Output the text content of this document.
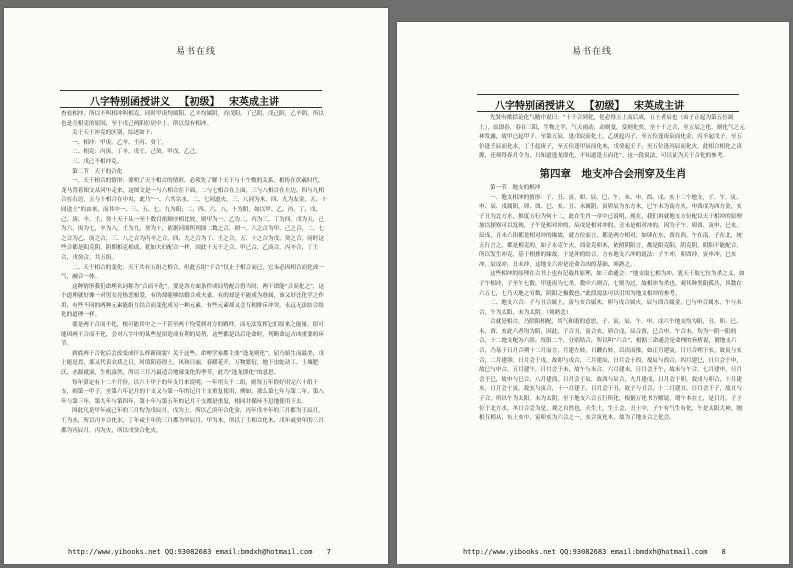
易书在线
八字特别函授讲义 【初级】 宋英成主讲

查看相冲，所以不叫相冲叫相克，同时甲庚均属阳，乙辛均属阴，丙戊阳，丁己阴，戊己阳，乙辛阴，所以也是互相克的原因，至于戊己两阳位居中土，所以没有相冲。

关于天干冲克的区别，综述如下：

一、相冲：甲庚、乙辛、壬丙、癸丁。

二、相克：丙庚、丁辛、戊壬、己癸、甲戊、乙己。

三、戊己不相冲克。

第二节　天干的合化

一、天干相合的情形：要明了天干相合的情形，必须先了解十天干与十个数的关系，相传在伏羲时代，龙马背着图文从河中走来，这图文是一与六相合在下面，二与七相合在上面，三与八相合在左边，四与九相合在右边，五与十相合在中央，此乃“一、六共宗水，二、七同道火，三、八同为木，四、九为友金，五、十同途土”的由来，而其中一、三、五、七、九为阳；二、四、六、八、十为阴，如以甲、乙、丙、丁、戊、己、庚、辛、壬、癸十天干从一至十数目依顺序相比较，则甲为一，乙为二，丙为三，丁为四，戊为五，己为六，庚为七，辛为八，壬为九，癸为十，依据河图所列图二数之合，则一、六之合为甲、己之合，二、七之合为乙、庚之合，三、八之合为丙辛之合，四、九之合为丁、壬之合，五、十之合为戊、癸之合，同时这些合都是阳克阴，阴期相克相成，犹如夫妇配合一样，因此十天干之合，甲己合，乙庚合，丙辛合，丁壬合，戊癸合，共五组。

二、天干相合的变化：天干共有五组之相合，但此五组“干合”仅止于相合而已，它未必因相合而化成一气，融合一体。

这种情形我们命理名词称为“合而不化”，要是各方面条件成局势配合得当时，两干即能“合而化之”，这个道理就好像一对男女亮热恋相爱，有的却能够结婚合成夫妻，有的却是不能成为眷属，该又好比化学之作用，有些不同的两种元素能组互结合而变化成另一种元素，有些元素却又会互相排斥冲突，永远无法结合组化的道理一样。

要是两干合而不化，根可能其中之一干甚至两干均受到对方的羁绊，而无法发挥它们原来之能量，很可能因两干合而不化，会对八字中的某些星宿造成有利的局势，这些都是以后论命时，判断命运吉凶重要的环节。

到底两干合化后会改变成什么样新面貌？关于这些，命理学家都主张“逢龙则化”，屈乃始生而最美，戊土能是焉，那又代表衣质之日，时值阳春得土，风和日丽，春暖花开，万物繁衍，地下虫蛇动工，土壤肥沃，水源就湿，生机盎然，所以三月乃最适合地球变化的季节，此乃“逢龙即化”的意思。

每年算定有十二个月份，以六十甲子的年支月来说明，一年用天干二组，则每五年恰好用完六十组干支，则第一甲子，至第六年记月的干支又与第一年的记月干支重复使用，例如，那么第七年与第二年，第八年与第三年，第九年与第四年，第十年与第五年的记月干支都是重复，相同并循环不息地使用下去。

因此凡是甲年或己年的三月均为戊辰月，戊为土，所以乙庚年合化金，丙年戊辛年的三月都为王辰月，壬为水，所以丙辛合化水，丁年或壬年的三月都为甲辰月，甲为木，所以丁壬相合化木，戊年或癸年的三月都为丙辰月，丙为火，所以戊癸合化火。

http://www.yibooks.net QQ:93082683 email:bmdxh@hotmail.com 7
易书在线
八字特别函授讲义 【初级】 宋英成主讲

先贤有歌括论化气精中说曰：“十干合到化，化必得五土而后成，五土者辰也（由子正起为第五位属土），辰即春，春在三阳，生物之半，气天雨动，动则变，变则化矣，至十干之合，至五辰之化，则化气之元神发露，故甲已起甲子，至第五辰，逢戊辰而化土，乙庚起丙子，至五位逢庚辰而化金，丙辛起戊子，至五位逢壬辰而化水，丁壬起庚子，至五位逢甲辰而化木，戊癸起壬子，至五位逢丙辰而化火，此相合相化之真源，还须得春月令为，只知道逢龙即化，不知道逢五而化”。这一段说法，可以证为天干合化的参考。

第四章　地支冲合会刑穿及生肖

第一节　地支的相冲

一、地支相冲的情形：子、丑、寅、卯、辰、巳、午、未、申、酉、戌、亥十二个地支，子、午、寅、申、辰、戌属阳，卯、酉、巳、亥、丑、未属阴，寅卯辰为东方木，巳午未为南方火，申酉戌为西方金，亥子丑为北方水，推度五行为何十二，此在生肖一章中已说明，现在，我们再就地支方位配以天干相冲的原理加以探察可以发现，子午是相对冲的，辰戌是相对冲的，丑未是相对冲的，因为子午、卯酉、寅申、巳亥、辰戌、丑未六组都是相对冲的缘故，就方位而言，都是两方相对，如卯在东，酉在西，午在南，子在北，统五行言之，都是相克的，如子水克午火，酉金克卯木，依照阴阳言，都是阳克阳，阴克阴，阴阳不能配合，所以发生冲克，基于相排的缘故，于是冲的结合，方有地支六冲的说法：子午冲，卯酉冲，寅申冲，巳亥冲，辰戌冲，丑未冲，这地支六冲是论命吉凶的基础，须熟之。

这些相冲的原理在古书上也有记载其原理，如三命通会：“地支取七相为冲，犹天干取七位为杀之义，如子午相冲，子至午七数，甲逢庚为七杀，数中六则合，七则为过，故相冲为杀也。观其种类阳孤共，其数存六五七，七乃天地之穷数，阴阳之极数也。”此段说法可以引用为地支相冲的参考。

二、地支六合：子与丑合属土，寅与亥合属木，卯与戌合属火，辰与酉合属金，巳与申合属水，午与未合，午为太阳，未为太阴。（须熟念）

合就是相合，乃阴阳相配，其气和谐的意思，子、寅、辰、午、申、戌六个地支均为阳，丑、卯、巳、未、酉、亥此六者均为阴，因此，子合丑，寅合亥，卯合戌，辰合酉，巳合申，午合未，均为一阴一阳的合，十二地支配为六组，每组二个，分别结合，所以叫“六合”，根据三命通会是命理的旨析说，谓地支六合，乃易于日月合朔十二月而言，月建左转，日躔右转，以次而推，如正月建寅，日月合朔于亥，故寅与亥合，二月建卯，日月会于戌，故卯与戌合，三月建辰，日月会于酉，故辰与酉合，四月建巳，日月会于申，故巳与申合，五月建午，日月会于未，故午与未合，六月建未，日月会于午，故未与午合，七月建申，日月会于巳，故申与巳合，八月建酉，日月会于辰，故酉与辰合，九月建戌，日月会于卯，故戌与卯合，十月建亥，日月会于寅，故亥与寅合，十一月建子，日月会于丑，故子与丑合，十二月建丑，日月会于子，故丑与子合。所以午为太阳，未为太阴，至于地支六合五行所化，根据万化书方解说，谓午本在土，是日月，子子位于北方水，冬日合会为是，观之自然也，天生土，生土会，丑土中，子午有气生有化，午是太阳大神，刚相互相从，东土亥中，寅卯亥为六合之一，亥合寅化木，故为了地支合之化会。

http://www.yibooks.net QQ:93082683 email:bmdxh@hotmail.com 8
